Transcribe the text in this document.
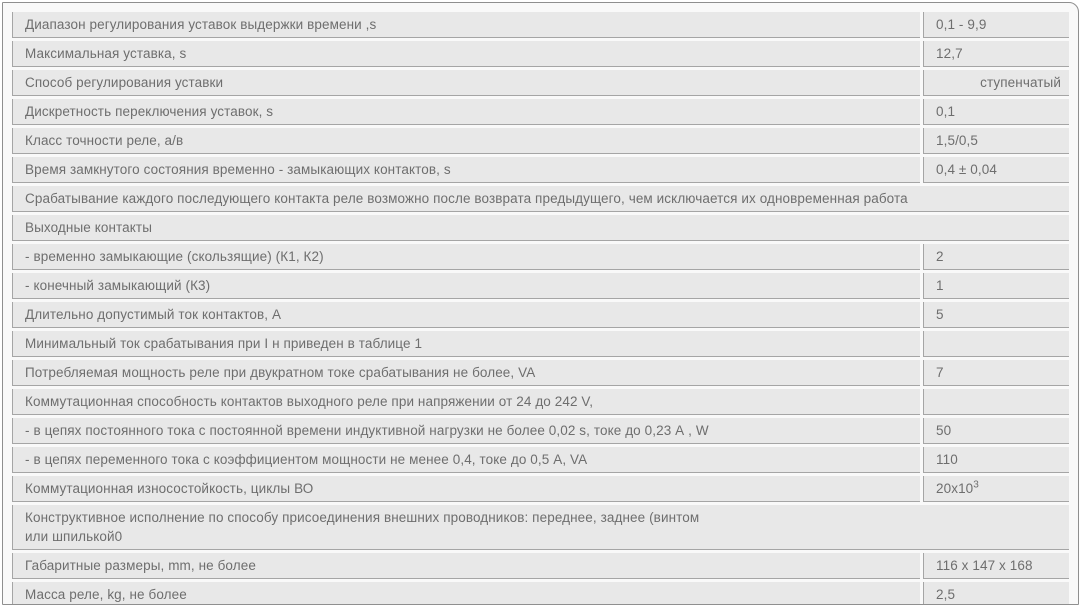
Диапазон регулирования уставок выдержки времени ,s	0,1 - 9,9
Максимальная уставка, s	12,7
Способ регулирования уставки	ступенчатый
Дискретность переключения уставок, s	0,1
Класс точности реле, а/в	1,5/0,5
Время замкнутого состояния временно - замыкающих контактов, s	0,4 ± 0,04
Срабатывание каждого последующего контакта реле возможно после возврата предыдущего, чем исключается их одновременная работа	
Выходные контакты	
- временно замыкающие (скользящие) (К1, К2)	2
- конечный замыкающий (К3)	1
Длительно допустимый ток контактов, А	5
Минимальный ток срабатывания при I н приведен в таблице 1	
Потребляемая мощность реле при двукратном токе срабатывания не более, VA	7
Коммутационная способность контактов выходного реле при напряжении от 24 до 242 V,	
- в цепях постоянного тока с постоянной времени индуктивной нагрузки не более 0,02 s, токе до 0,23 А , W	50
- в цепях переменного тока с коэффициентом мощности не менее 0,4, токе до 0,5 А, VA	110
Коммутационная износостойкость, циклы ВО	$20x10^3$

Конструктивное исполнение по способу присоединения внешних проводников: переднее, заднее (винтом
или шпилькой0	

Габаритные размеры, mm, не более	116 x 147 x 168
Масса реле, kg, не более	2,5
